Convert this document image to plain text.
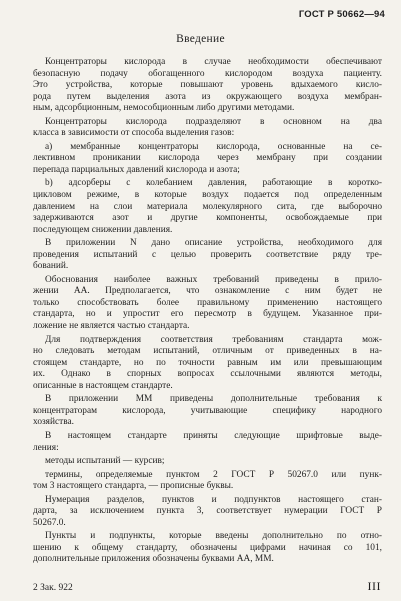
ГОСТ Р 50662—94
Введение
Концентраторы кислорода в случае необходимости обеспечивают
безопасную подачу обогащенного кислородом воздуха пациенту.
Это устройства, которые повышают уровень вдыхаемого кисло-
рода путем выделения азота из окружающего воздуха мембран-
ным, адсорбционным, немособционным либо другими методами.
Концентраторы кислорода подразделяют в основном на два
класса в зависимости от способа выделения газов:
а) мембранные концентраторы кислорода, основанные на се-
лективном проникании кислорода через мембрану при создании
перепада парциальных давлений кислорода и азота;
b) адсорберы с колебанием давления, работающие в коротко-
цикловом режиме, в которые воздух подается под определенным
давлением на слои материала молекулярного сита, где выборочно
задерживаются азот и другие компоненты, освобождаемые при
последующем снижении давления.
В приложении N дано описание устройства, необходимого для
проведения испытаний с целью проверить соответствие ряду тре-
бований.
Обоснования наиболее важных требований приведены в прило-
жении АА. Предполагается, что ознакомление с ним будет не
только способствовать более правильному применению настоящего
стандарта, но и упростит его пересмотр в будущем. Указанное при-
ложение не является частью стандарта.
Для подтверждения соответствия требованиям стандарта мож-
но следовать методам испытаний, отличным от приведенных в на-
стоящем стандарте, но по точности равным им или превышающим
их. Однако в спорных вопросах ссылочными являются методы,
описанные в настоящем стандарте.
В приложении ММ приведены дополнительные требования к
концентраторам кислорода, учитывающие специфику народного
хозяйства.
В настоящем стандарте приняты следующие шрифтовые выде-
ления:
методы испытаний — курсив;
термины, определяемые пунктом 2 ГОСТ Р 50267.0 или пунк-
том 3 настоящего стандарта, — прописные буквы.
Нумерация разделов, пунктов и подпунктов настоящего стан-
дарта, за исключением пункта 3, соответствует нумерации ГОСТ Р
50267.0.
Пункты и подпункты, которые введены дополнительно по отно-
шению к общему стандарту, обозначены цифрами начиная со 101,
дополнительные приложения обозначены буквами АА, ММ.
2 Зак. 922	III
